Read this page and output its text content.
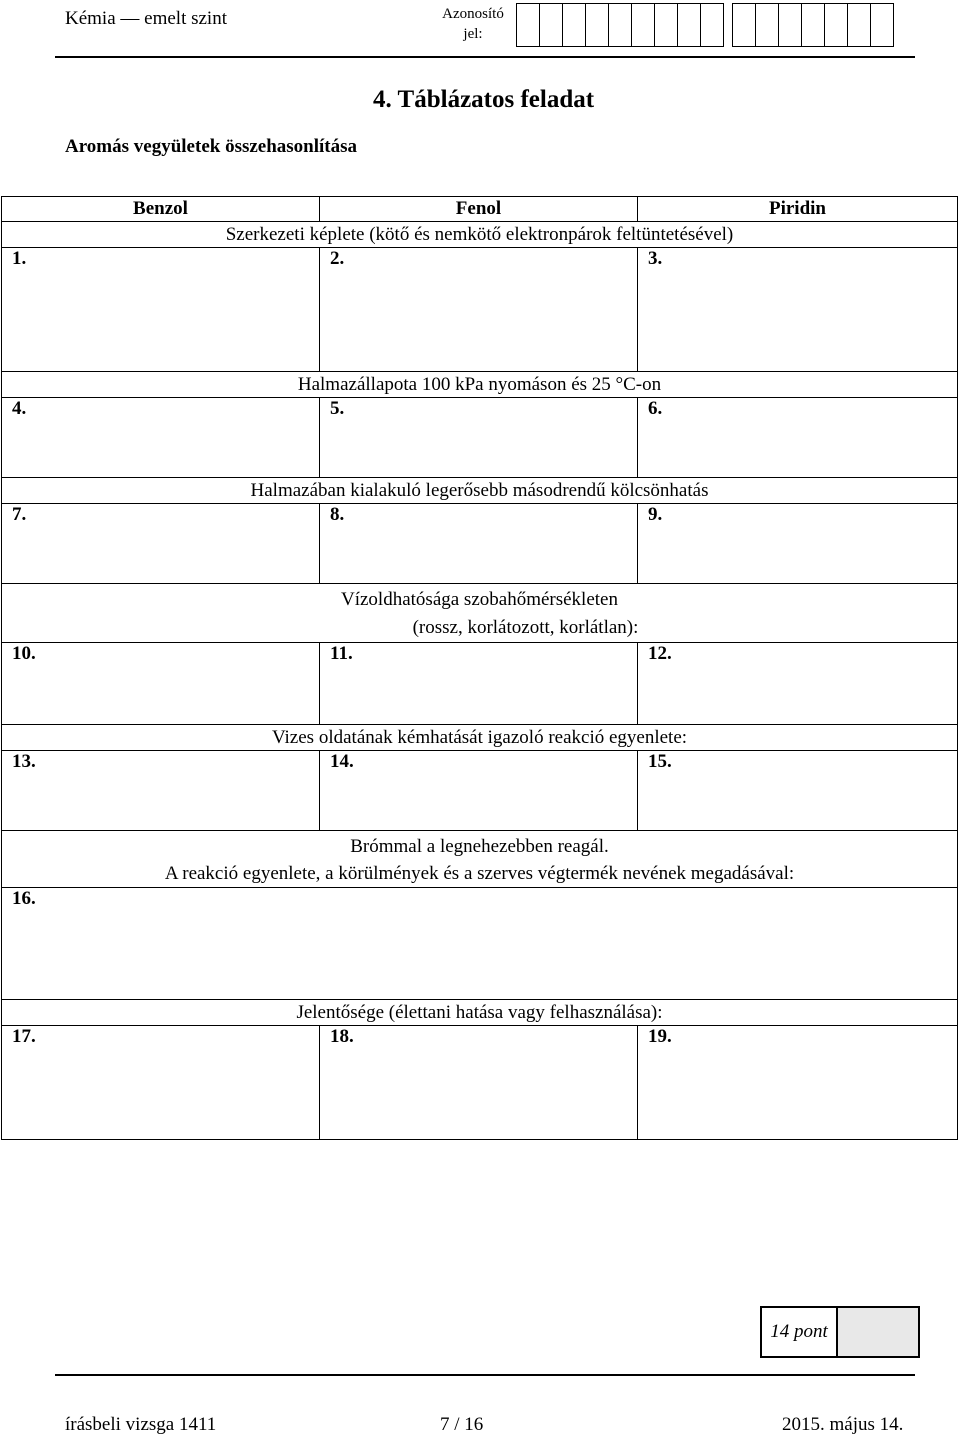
Kémia — emelt szint	Azonosító
jel:
4. Táblázatos feladat
Aromás vegyületek összehasonlítása
Benzol	Fenol	Piridin
Szerkezeti képlete (kötő és nemkötő elektronpárok feltüntetésével)		
1.	2.	3.
Halmazállapota 100 kPa nyomáson és 25 °C-on		
4.	5.	6.
Halmazában kialakuló legerősebb másodrendű kölcsönhatás		
7.	8.	9.

Vízoldhatósága szobahőmérsékleten
(rossz, korlátozott, korlátlan):		

10.	11.	12.
Vizes oldatának kémhatását igazoló reakció egyenlete:		
13.	14.	15.

Brómmal a legnehezebben reagál.
A reakció egyenlete, a körülmények és a szerves végtermék nevének megadásával:		

16.		
Jelentősége (élettani hatása vagy felhasználása):		
17.	18.	19.
14 pont
írásbeli vizsga 1411	7 / 16	2015. május 14.
